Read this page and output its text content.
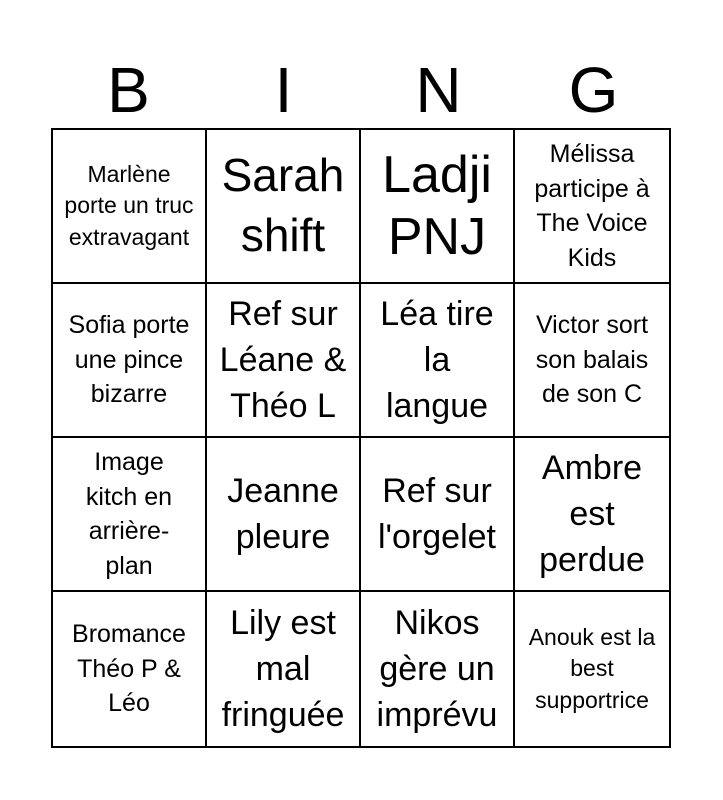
B	I	N	G
Marlène porte un truc extravagant
Sarah shift
Ladji PNJ
Mélissa participe à The Voice Kids
Sofia porte une pince bizarre
Ref sur Léane & Théo L
Léa tire la langue
Victor sort son balais de son C
Image kitch en arrière-plan
Jeanne pleure
Ref sur l'orgelet
Ambre est perdue
Bromance Théo P & Léo
Lily est mal fringuée
Nikos gère un imprévu
Anouk est la best supportrice
